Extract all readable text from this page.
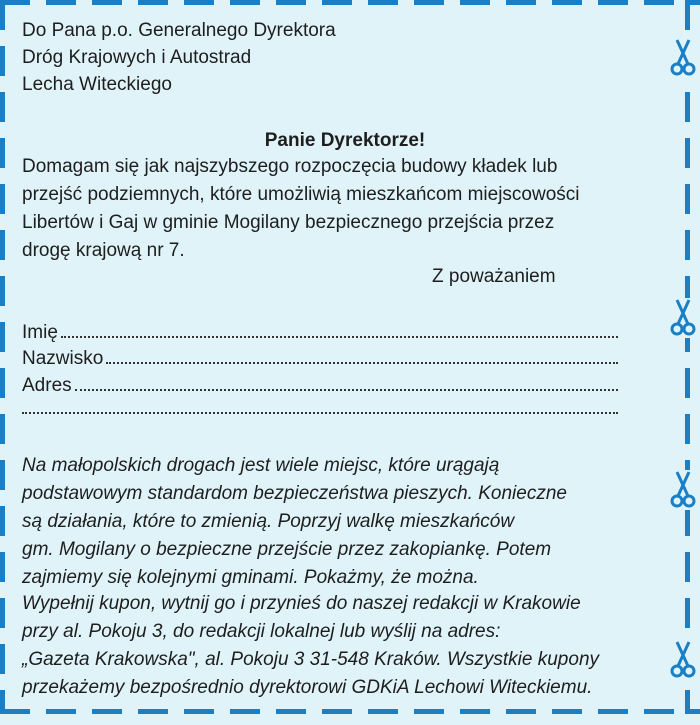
Do Pana p.o. Generalnego Dyrektora
Dróg Krajowych i Autostrad
Lecha Witeckiego
Panie Dyrektorze!
Domagam się jak najszybszego rozpoczęcia budowy kładek lub
przejść podziemnych, które umożliwią mieszkańcom miejscowości
Libertów i Gaj w gminie Mogilany bezpiecznego przejścia przez
drogę krajową nr 7.
Z poważaniem
Imię
Nazwisko
Adres
Na małopolskich drogach jest wiele miejsc, które urągają
podstawowym standardom bezpieczeństwa pieszych. Konieczne
są działania, które to zmienią. Poprzyj walkę mieszkańców
gm. Mogilany o bezpieczne przejście przez zakopiankę. Potem
zajmiemy się kolejnymi gminami. Pokażmy, że można.
Wypełnij kupon, wytnij go i przynieś do naszej redakcji w Krakowie
przy al. Pokoju 3, do redakcji lokalnej lub wyślij na adres:
„Gazeta Krakowska", al. Pokoju 3 31-548 Kraków. Wszystkie kupony
przekażemy bezpośrednio dyrektorowi GDKiA Lechowi Witeckiemu.
